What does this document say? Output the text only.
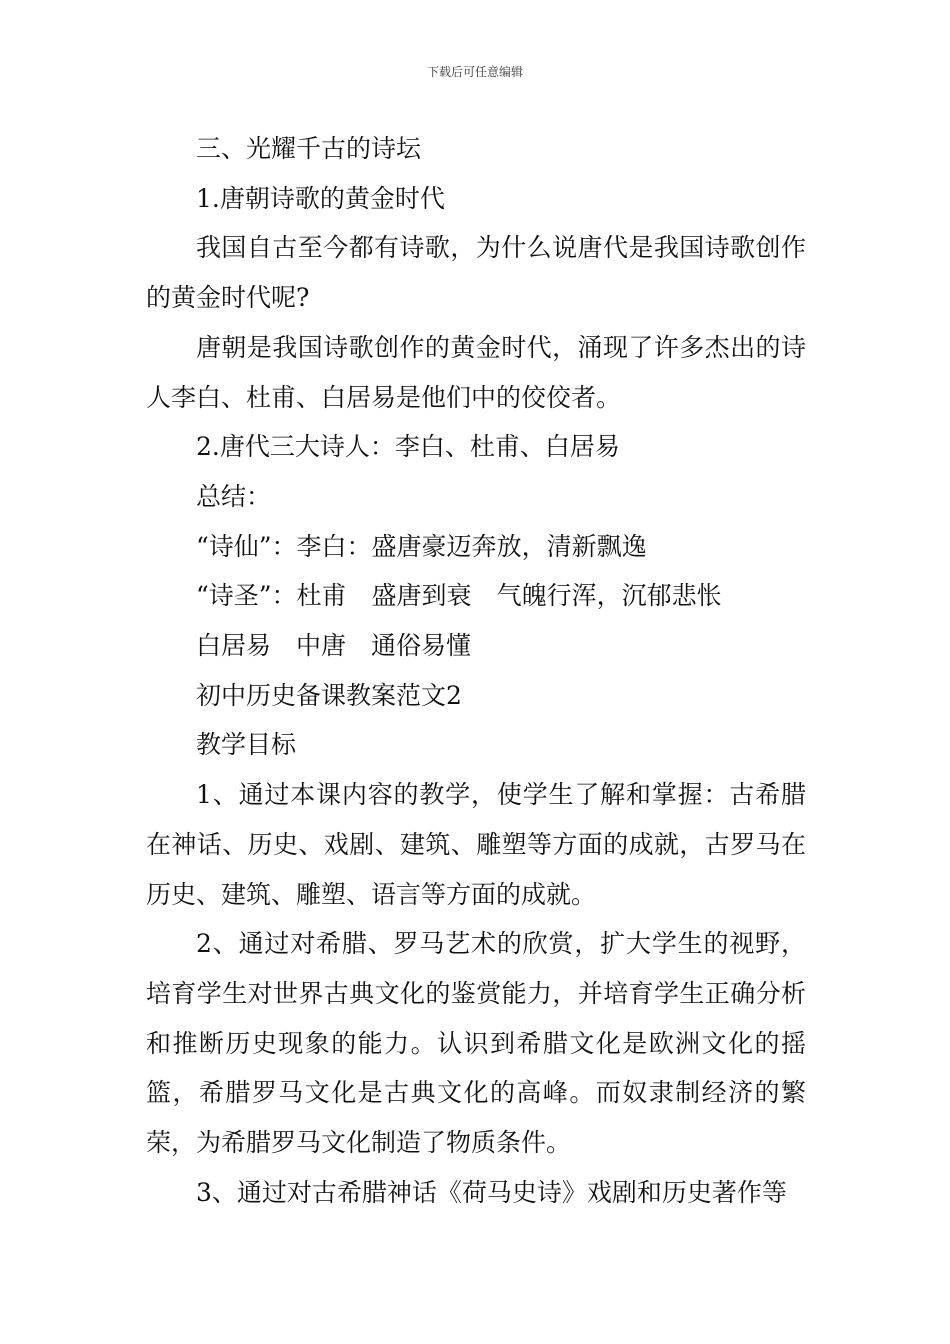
下载后可任意编辑

三、光耀千古的诗坛

1.唐朝诗歌的黄金时代

我国自古至今都有诗歌，为什么说唐代是我国诗歌创作的黄金时代呢?

唐朝是我国诗歌创作的黄金时代，涌现了许多杰出的诗人李白、杜甫、白居易是他们中的佼佼者。

2.唐代三大诗人：李白、杜甫、白居易

总结：

“诗仙”：李白：盛唐豪迈奔放，清新飘逸

“诗圣”：杜甫　盛唐到衰　气魄行浑，沉郁悲怅

白居易　中唐　通俗易懂

初中历史备课教案范文2

教学目标

1、通过本课内容的教学，使学生了解和掌握：古希腊在神话、历史、戏剧、建筑、雕塑等方面的成就，古罗马在历史、建筑、雕塑、语言等方面的成就。

2、通过对希腊、罗马艺术的欣赏，扩大学生的视野，培育学生对世界古典文化的鉴赏能力，并培育学生正确分析和推断历史现象的能力。认识到希腊文化是欧洲文化的摇篮，希腊罗马文化是古典文化的高峰。而奴隶制经济的繁荣，为希腊罗马文化制造了物质条件。

3、通过对古希腊神话《荷马史诗》戏剧和历史著作等
